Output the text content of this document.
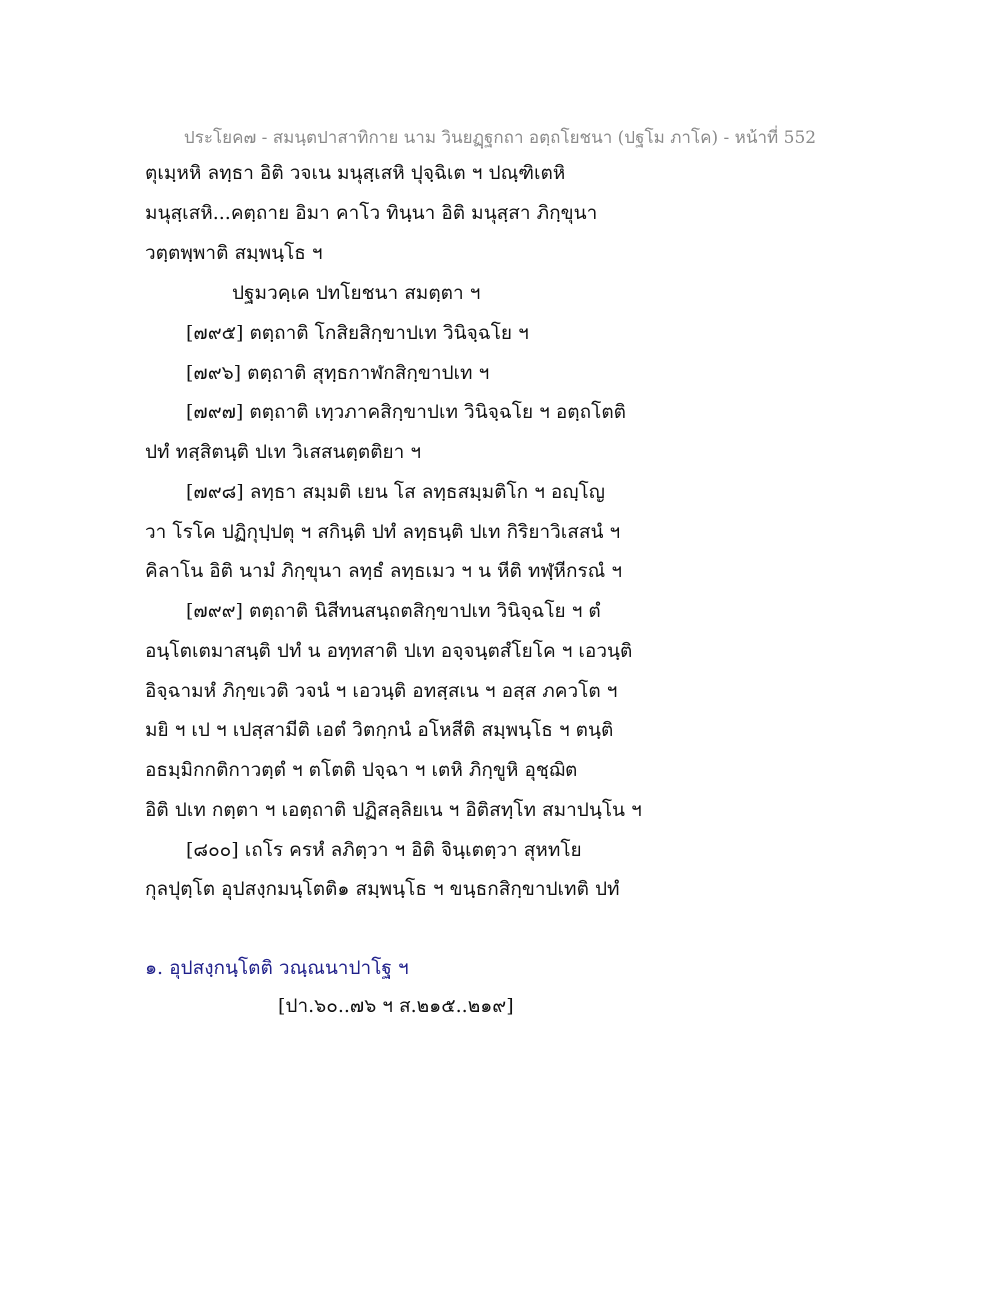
ประโยค๗ - สมนฺตปาสาทิกาย นาม วินยฏฺฐกถา อตฺถโยชนา (ปฐโม ภาโค) - หน้าที่ 552
ตุเมฺหหิ ลทฺธา อิติ วจเน มนุสฺเสหิ ปุจฺฉิเต ฯ ปณฺฑิเตหิ
มนุสฺเสหิ...คตฺถาย อิมา คาโว ทินฺนา อิติ มนุสฺสา ภิกฺขุนา
วตฺตพฺพาติ สมฺพนฺโธ ฯ
ปฐมวคฺเค ปทโยชนา สมตฺตา ฯ
[๗๙๕] ตตฺถาติ โกสิยสิกฺขาปเท วินิจฺฉโย ฯ
[๗๙๖] ตตฺถาติ สุทฺธกาฬกสิกฺขาปเท ฯ
[๗๙๗] ตตฺถาติ เทฺวภาคสิกฺขาปเท วินิจฺฉโย ฯ อตฺถโตติ
ปทํ ทสฺสิตนฺติ ปเท วิเสสนตฺตติยา ฯ
[๗๙๘] ลทฺธา สมฺมติ เยน โส ลทฺธสมฺมติโก ฯ อญฺโญ
วา โรโค ปฏิกุปฺปตุ ฯ สกินฺติ ปทํ ลทฺธนฺติ ปเท กิริยาวิเสสนํ ฯ
คิลาโน อิติ นามํ ภิกฺขุนา ลทฺธํ ลทฺธเมว ฯ น หีติ ทฬฺหีกรณํ ฯ
[๗๙๙] ตตฺถาติ นิสีทนสนฺถตสิกฺขาปเท วินิจฺฉโย ฯ ตํ
อนฺโตเตมาสนฺติ ปทํ น อทฺทสาติ ปเท อจฺจนฺตสํโยโค ฯ เอวนฺติ
อิจฺฉามหํ ภิกฺขเวติ วจนํ ฯ เอวนฺติ อทสฺสเน ฯ อสฺส ภควโต ฯ
มยิ ฯ เป ฯ เปสฺสามีติ เอตํ วิตกฺกนํ อโหสีติ สมฺพนฺโธ ฯ ตนฺติ
อธมฺมิกกติกาวตฺตํ ฯ ตโตติ ปจฺฉา ฯ เตหิ ภิกฺขูหิ อุชฺฌิต
อิติ ปเท กตฺตา ฯ เอตฺถาติ ปฏิสลฺลิยเน ฯ อิติสทฺโท สมาปนฺโน ฯ
[๘๐๐] เถโร ครหํ ลภิตฺวา ฯ อิติ จินฺเตตฺวา สุหทโย
กุลปุตฺโต อุปสงฺกมนฺโตติ๑ สมฺพนฺโธ ฯ ขนฺธกสิกฺขาปเทติ ปทํ
๑. อุปสงฺกนฺโตติ วณฺณนาปาโฐ ฯ
[ปา.๖๐..๗๖ ฯ ส.๒๑๕..๒๑๙]
